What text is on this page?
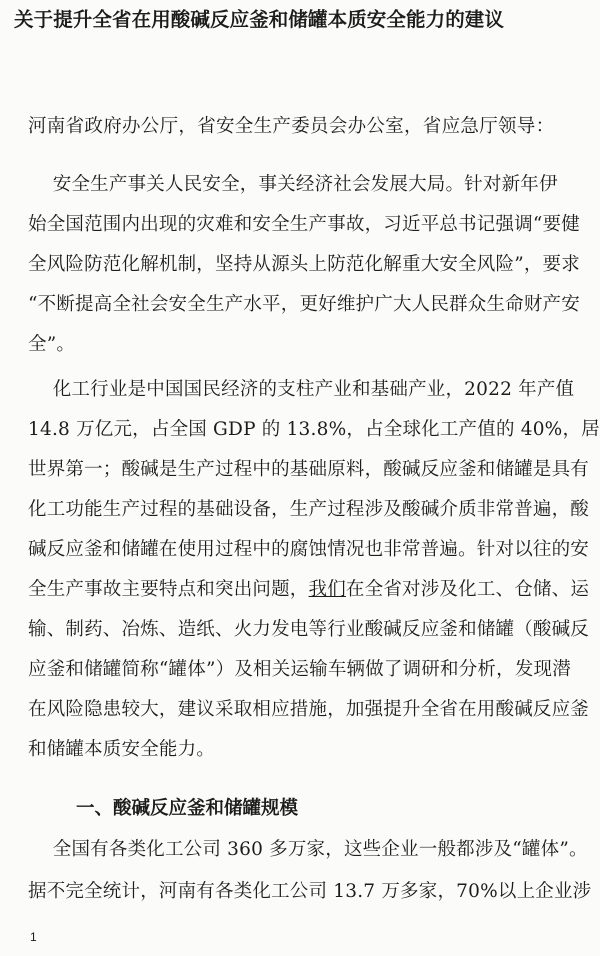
关于提升全省在用酸碱反应釜和储罐本质安全能力的建议
河南省政府办公厅，省安全生产委员会办公室，省应急厅领导：
　 安全生产事关人民安全，事关经济社会发展大局。针对新年伊
始全国范围内出现的灾难和安全生产事故，习近平总书记强调“要健
全风险防范化解机制，坚持从源头上防范化解重大安全风险”，要求
“不断提高全社会安全生产水平，更好维护广大人民群众生命财产安
全”。
　 化工行业是中国国民经济的支柱产业和基础产业，2022 年产值
14.8 万亿元，占全国 GDP 的 13.8%，占全球化工产值的 40%，居
世界第一；酸碱是生产过程中的基础原料，酸碱反应釜和储罐是具有
化工功能生产过程的基础设备，生产过程涉及酸碱介质非常普遍，酸
碱反应釜和储罐在使用过程中的腐蚀情况也非常普遍。针对以往的安
全生产事故主要特点和突出问题，我们在全省对涉及化工、仓储、运
输、制药、冶炼、造纸、火力发电等行业酸碱反应釜和储罐（酸碱反
应釜和储罐简称“罐体”）及相关运输车辆做了调研和分析，发现潜
在风险隐患较大，建议采取相应措施，加强提升全省在用酸碱反应釜
和储罐本质安全能力。
一、酸碱反应釜和储罐规模
　 全国有各类化工公司 360 多万家，这些企业一般都涉及“罐体”。
据不完全统计，河南有各类化工公司 13.7 万多家，70%以上企业涉
1
